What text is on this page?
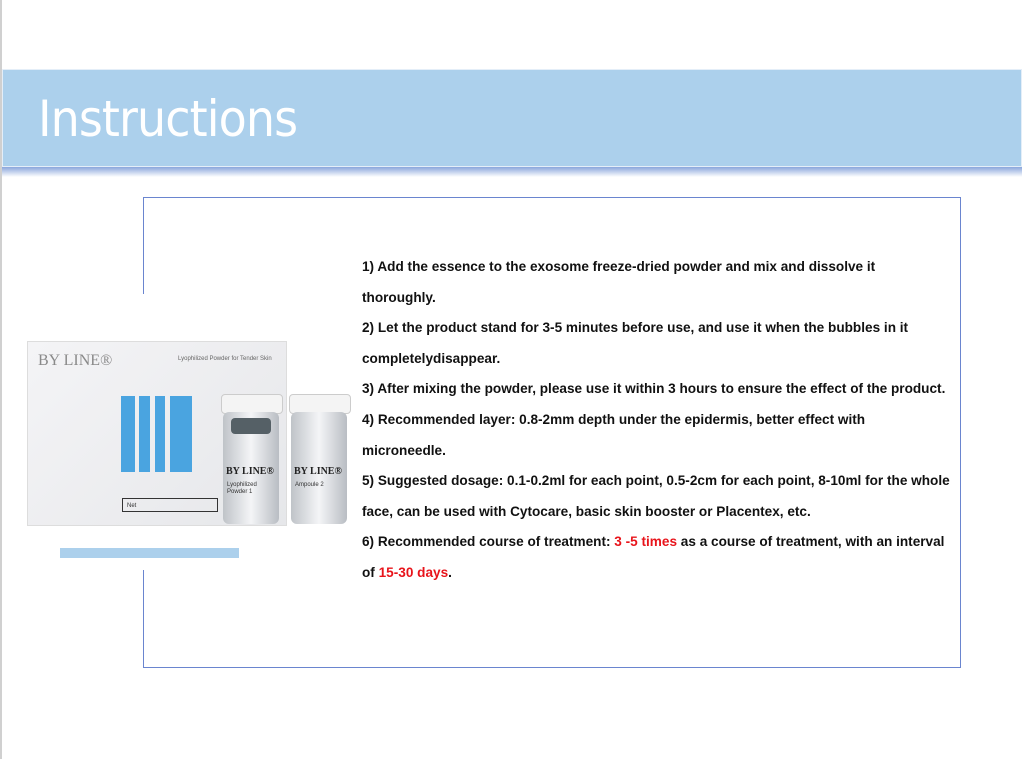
Instructions
BY LINE®	Lyophilized Powder for Tender Skin
Net
BY LINE®
Lyophilized Powder 1
BY LINE®
Ampoule 2

1) Add the essence to the exosome freeze-dried powder and mix and dissolve it thoroughly.

2) Let the product stand for 3-5 minutes before use, and use it when the bubbles in it completelydisappear.

3) After mixing the powder, please use it within 3 hours to ensure the effect of the product.

4) Recommended layer: 0.8-2mm depth under the epidermis, better effect with microneedle.

5) Suggested dosage: 0.1-0.2ml for each point, 0.5-2cm for each point, 8-10ml for the whole face, can be used with Cytocare, basic skin booster or Placentex, etc.

6) Recommended course of treatment: 3 -5 times as a course of treatment, with an interval of 15-30 days.
